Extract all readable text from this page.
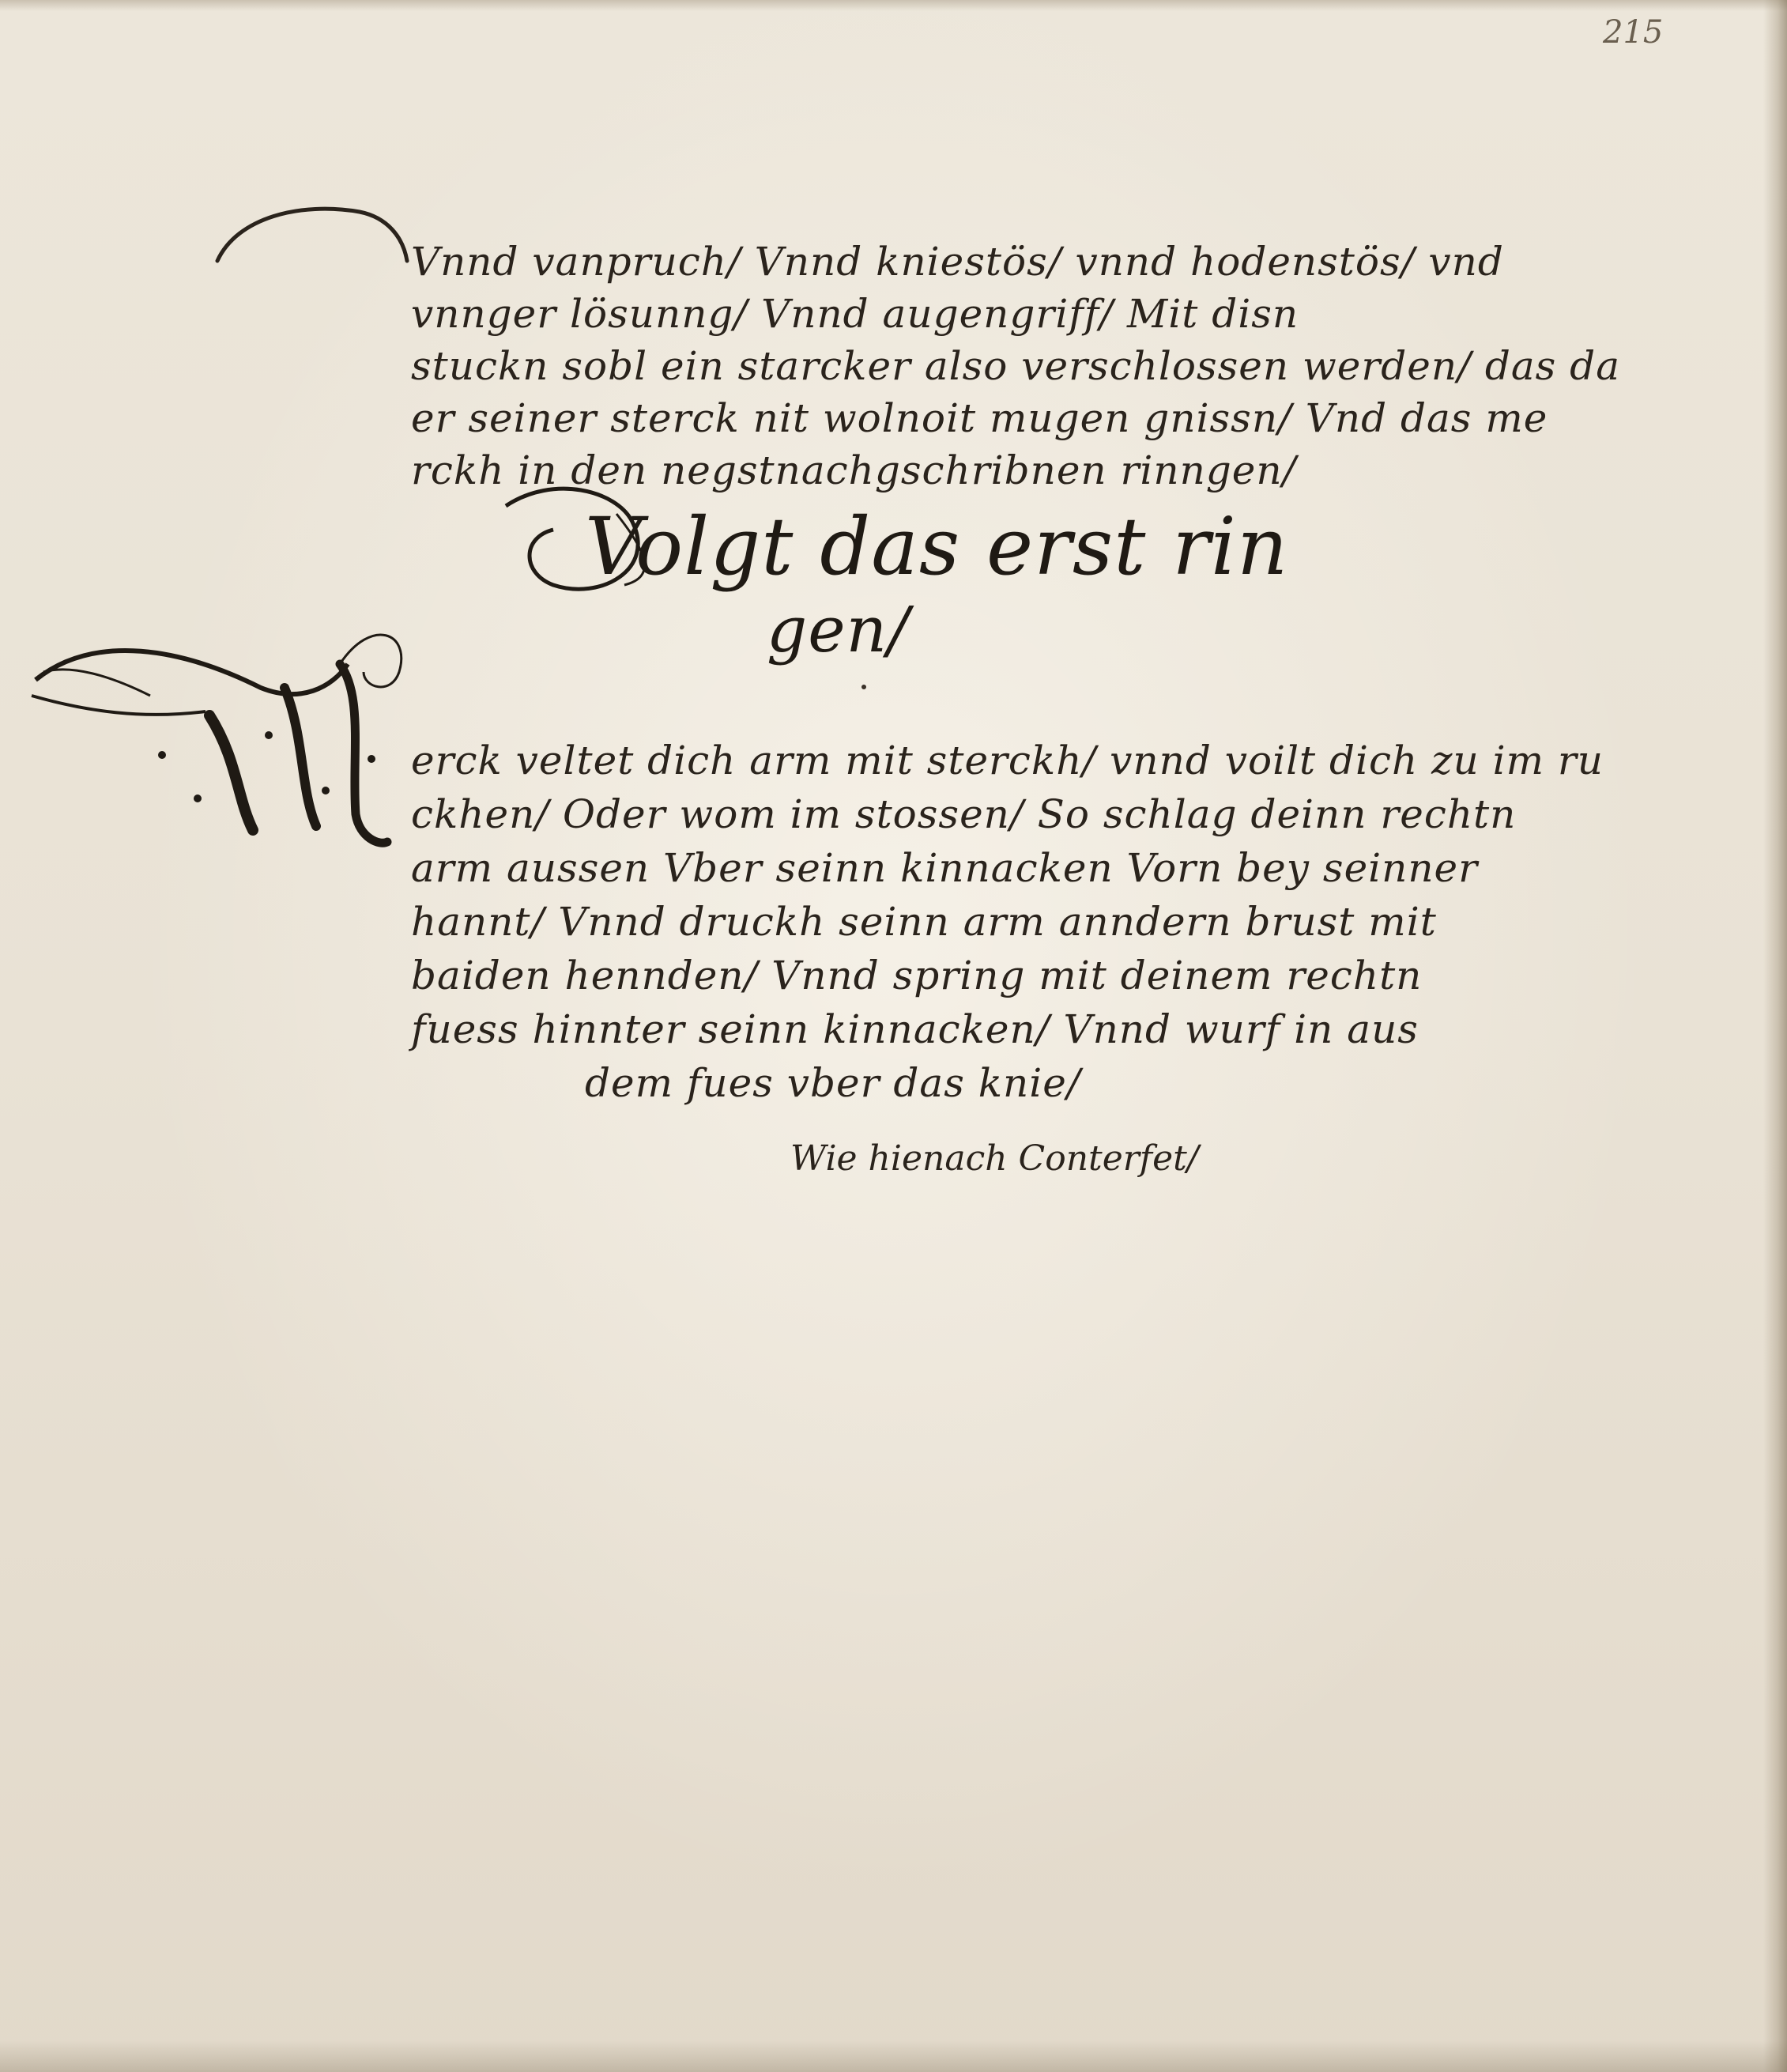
215
Vnnd vanpruch/ Vnnd kniestös/ vnnd hodenstös/ vnd
vnnger lösunng/ Vnnd augengriff/ Mit disn
stuckn sobl ein starcker also verschlossen werden/ das da
er seiner sterck nit wolnoit mugen gnissn/ Vnd das me
rckh in den negstnachgschribnen rinngen/
Volgt das erst rin
gen/
erck veltet dich arm mit sterckh/ vnnd voilt dich zu im ru
ckhen/ Oder wom im stossen/ So schlag deinn rechtn
arm aussen Vber seinn kinnacken Vorn bey seinner
hannt/ Vnnd druckh seinn arm anndern brust mit
baiden hennden/ Vnnd spring mit deinem rechtn
fuess hinnter seinn kinnacken/ Vnnd wurf in aus
dem fues vber das knie/
Wie hienach Conterfet/
